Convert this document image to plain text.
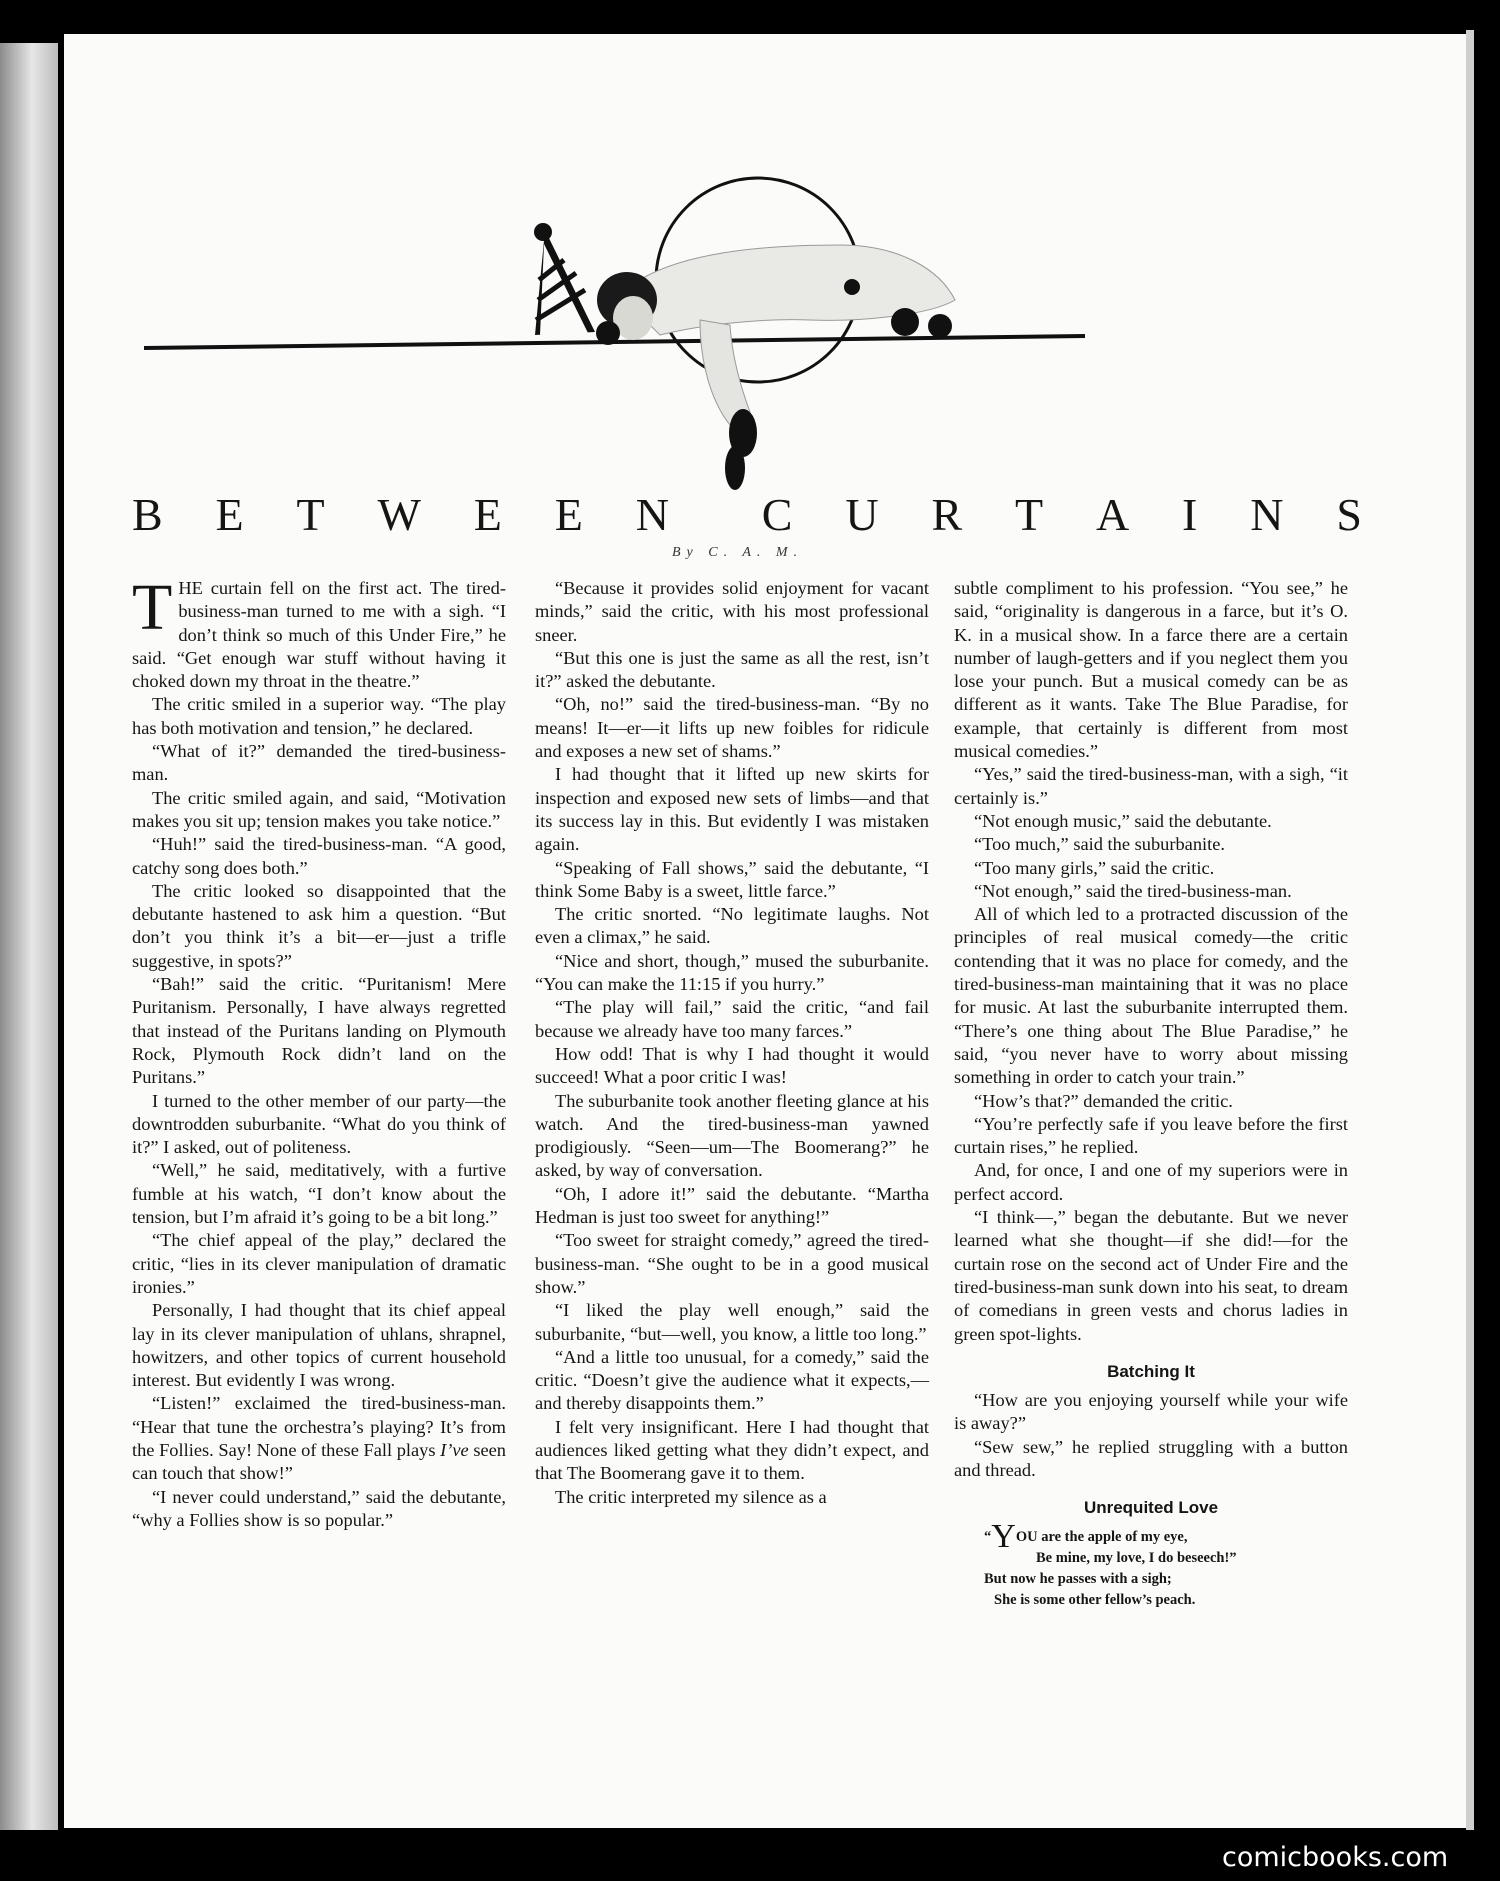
B E T W E E N C U R T A I N S
By C. A. M.

THE curtain fell on the first act. The tired-business-man turned to me with a sigh. “I don’t think so much of this Under Fire,” he said. “Get enough war stuff without having it choked down my throat in the theatre.”

The critic smiled in a superior way. “The play has both motivation and tension,” he declared.

“What of it?” demanded the tired-business-man.

The critic smiled again, and said, “Motivation makes you sit up; tension makes you take notice.”

“Huh!” said the tired-business-man. “A good, catchy song does both.”

The critic looked so disappointed that the debutante hastened to ask him a question. “But don’t you think it’s a bit—er—just a trifle suggestive, in spots?”

“Bah!” said the critic. “Puritanism! Mere Puritanism. Personally, I have always regretted that instead of the Puritans landing on Plymouth Rock, Plymouth Rock didn’t land on the Puritans.”

I turned to the other member of our party—the downtrodden suburbanite. “What do you think of it?” I asked, out of politeness.

“Well,” he said, meditatively, with a furtive fumble at his watch, “I don’t know about the tension, but I’m afraid it’s going to be a bit long.”

“The chief appeal of the play,” declared the critic, “lies in its clever manipulation of dramatic ironies.”

Personally, I had thought that its chief appeal lay in its clever manipulation of uhlans, shrapnel, howitzers, and other topics of current household interest. But evidently I was wrong.

“Listen!” exclaimed the tired-business-man. “Hear that tune the orchestra’s playing? It’s from the Follies. Say! None of these Fall plays I’ve seen can touch that show!”

“I never could understand,” said the debutante, “why a Follies show is so popular.”

“Because it provides solid enjoyment for vacant minds,” said the critic, with his most professional sneer.

“But this one is just the same as all the rest, isn’t it?” asked the debutante.

“Oh, no!” said the tired-business-man. “By no means! It—er—it lifts up new foibles for ridicule and exposes a new set of shams.”

I had thought that it lifted up new skirts for inspection and exposed new sets of limbs—and that its success lay in this. But evidently I was mistaken again.

“Speaking of Fall shows,” said the debutante, “I think Some Baby is a sweet, little farce.”

The critic snorted. “No legitimate laughs. Not even a climax,” he said.

“Nice and short, though,” mused the suburbanite. “You can make the 11:15 if you hurry.”

“The play will fail,” said the critic, “and fail because we already have too many farces.”

How odd! That is why I had thought it would succeed! What a poor critic I was!

The suburbanite took another fleeting glance at his watch. And the tired-business-man yawned prodigiously. “Seen—um—The Boomerang?” he asked, by way of conversation.

“Oh, I adore it!” said the debutante. “Martha Hedman is just too sweet for anything!”

“Too sweet for straight comedy,” agreed the tired-business-man. “She ought to be in a good musical show.”

“I liked the play well enough,” said the suburbanite, “but—well, you know, a little too long.”

“And a little too unusual, for a comedy,” said the critic. “Doesn’t give the audience what it expects,—and thereby disappoints them.”

I felt very insignificant. Here I had thought that audiences liked getting what they didn’t expect, and that The Boomerang gave it to them.

The critic interpreted my silence as a

subtle compliment to his profession. “You see,” he said, “originality is dangerous in a farce, but it’s O. K. in a musical show. In a farce there are a certain number of laugh-getters and if you neglect them you lose your punch. But a musical comedy can be as different as it wants. Take The Blue Paradise, for example, that certainly is different from most musical comedies.”

“Yes,” said the tired-business-man, with a sigh, “it certainly is.”

“Not enough music,” said the debutante.

“Too much,” said the suburbanite.

“Too many girls,” said the critic.

“Not enough,” said the tired-business-man.

All of which led to a protracted discussion of the principles of real musical comedy—the critic contending that it was no place for comedy, and the tired-business-man maintaining that it was no place for music. At last the suburbanite interrupted them. “There’s one thing about The Blue Paradise,” he said, “you never have to worry about missing something in order to catch your train.”

“How’s that?” demanded the critic.

“You’re perfectly safe if you leave before the first curtain rises,” he replied.

And, for once, I and one of my superiors were in perfect accord.

“I think—,” began the debutante. But we never learned what she thought—if she did!—for the curtain rose on the second act of Under Fire and the tired-business-man sunk down into his seat, to dream of comedians in green vests and chorus ladies in green spot-lights.

Batching It

“How are you enjoying yourself while your wife is away?”

“Sew sew,” he replied struggling with a button and thread.

Unrequited Love
“YOU are the apple of my eye,
Be mine, my love, I do beseech!”
But now he passes with a sigh;
She is some other fellow’s peach.
comicbooks.com
